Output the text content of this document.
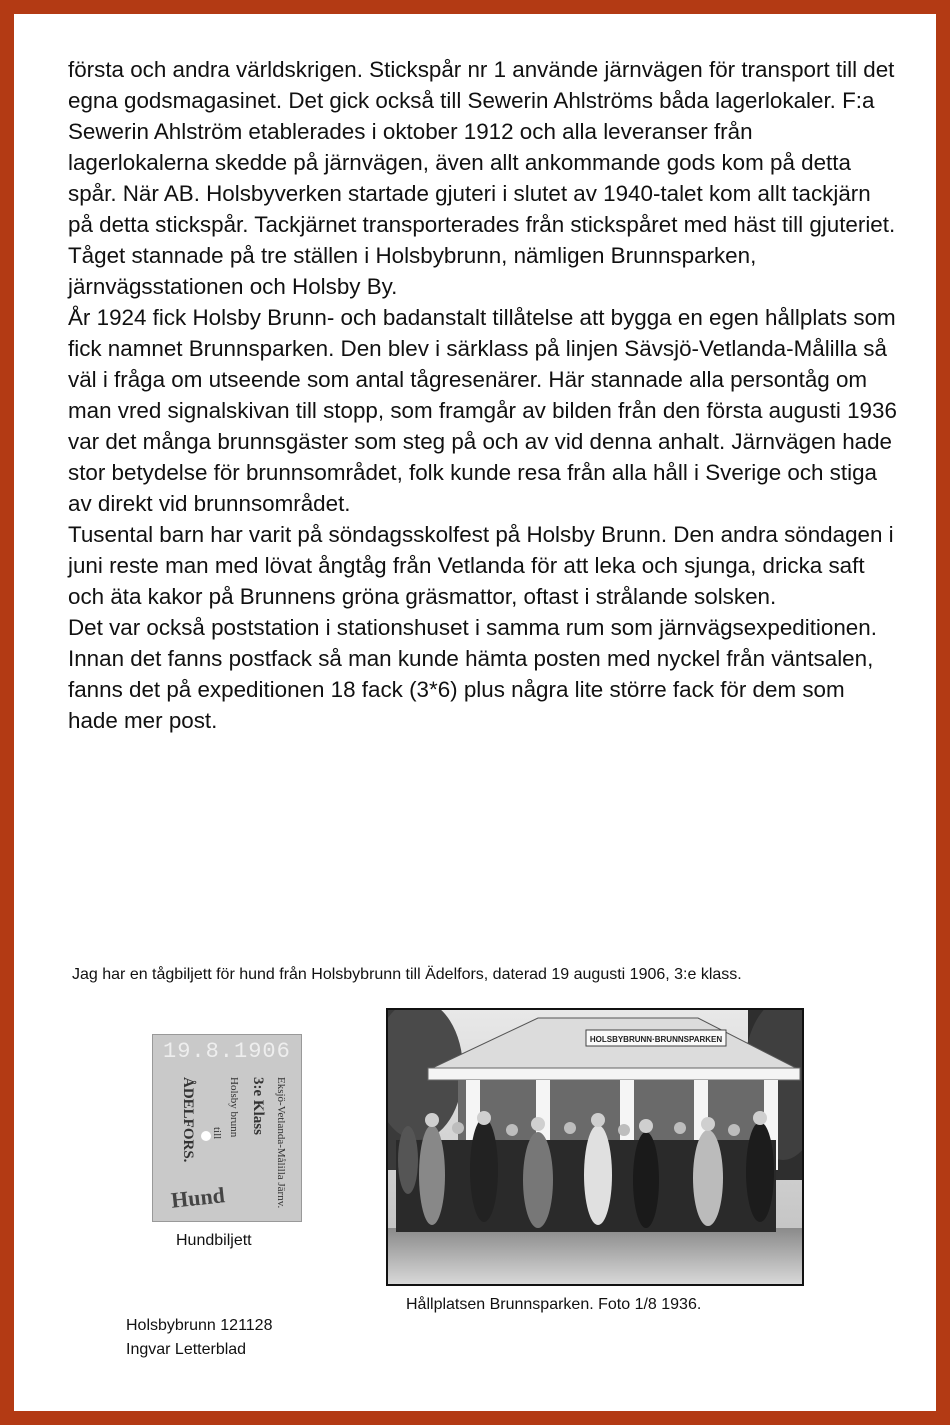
första och andra världskrigen. Stickspår nr 1 använde järnvägen för transport till det egna godsmagasinet. Det gick också till Sewerin Ahlströms båda lagerlokaler. F:a Sewerin Ahlström etablerades i oktober 1912 och alla leveranser från lagerlokalerna skedde på järnvägen, även allt ankommande gods kom på detta spår. När AB. Holsbyverken startade gjuteri i slutet av 1940-talet kom allt tackjärn på detta stickspår. Tackjärnet transporterades från stickspåret med häst till gjuteriet.

Tåget stannade på tre ställen i Holsbybrunn, nämligen Brunnsparken, järnvägsstationen och Holsby By.

År 1924 fick Holsby Brunn- och badanstalt tillåtelse att bygga en egen hållplats som fick namnet Brunnsparken. Den blev i särklass på linjen Sävsjö-Vetlanda-Målilla så väl i fråga om utseende som antal tågresenärer. Här stannade alla persontåg om man vred signalskivan till stopp, som framgår av bilden från den första augusti 1936 var det många brunnsgäster som steg på och av vid denna anhalt. Järnvägen hade stor betydelse för brunnsområdet, folk kunde resa från alla håll i Sverige och stiga av direkt vid brunnsområdet.

Tusental barn har varit på söndagsskolfest på Holsby Brunn. Den andra söndagen i juni reste man med lövat ångtåg från Vetlanda för att leka och sjunga, dricka saft och äta kakor på Brunnens gröna gräsmattor, oftast i strålande solsken.

Det var också poststation i stationshuset i samma rum som järnvägsexpeditionen. Innan det fanns postfack så man kunde hämta posten med nyckel från väntsalen, fanns det på expeditionen 18 fack (3*6) plus några lite större fack för dem som hade mer post.

Jag har en tågbiljett för hund från Holsbybrunn till Ädelfors, daterad 19 augusti 1906, 3:e klass.
19.8.1906
Eksjö-Vetlanda-Målilla Järnv.
3:e Klass
Holsby brunn
till
ÅDELFORS.
Hund
Hundbiljett
HOLSBYBRUNN·BRUNNSPARKEN
Hållplatsen Brunnsparken. Foto 1/8 1936.
Holsbybrunn 121128
Ingvar Letterblad
